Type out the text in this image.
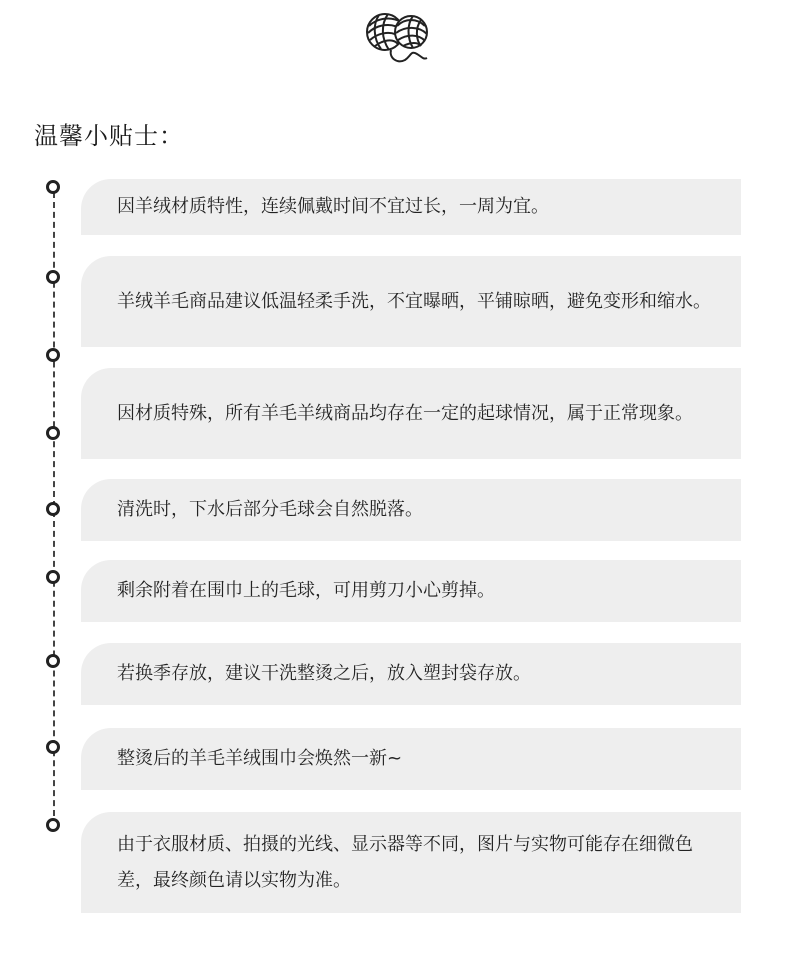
温馨小贴士：
因羊绒材质特性，连续佩戴时间不宜过长，一周为宜。
羊绒羊毛商品建议低温轻柔手洗，不宜曝晒，平铺晾晒，避免变形和缩水。
因材质特殊，所有羊毛羊绒商品均存在一定的起球情况，属于正常现象。
清洗时，下水后部分毛球会自然脱落。
剩余附着在围巾上的毛球，可用剪刀小心剪掉。
若换季存放，建议干洗整烫之后，放入塑封袋存放。
整烫后的羊毛羊绒围巾会焕然一新~
由于衣服材质、拍摄的光线、显示器等不同，图片与实物可能存在细微色差，最终颜色请以实物为准。
